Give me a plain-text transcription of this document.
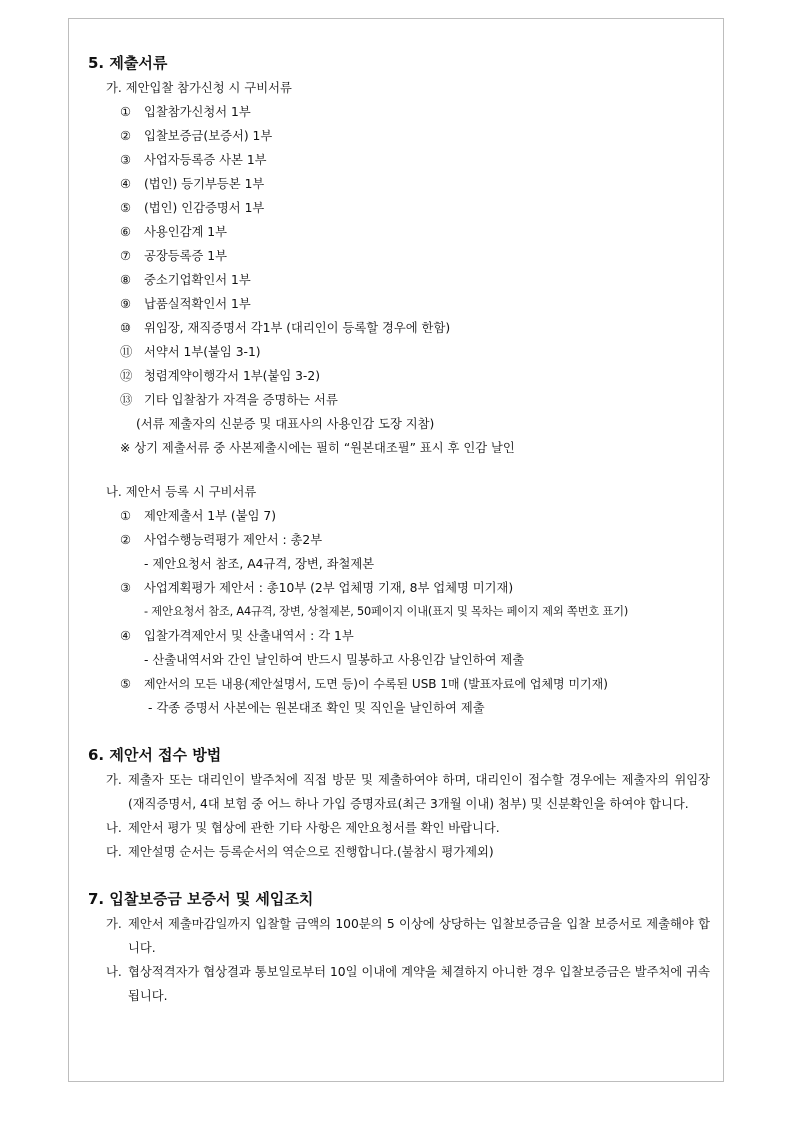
5. 제출서류
가. 제안입찰 참가신청 시 구비서류
① 입찰참가신청서 1부
② 입찰보증금(보증서) 1부
③ 사업자등록증 사본 1부
④ (법인) 등기부등본 1부
⑤ (법인) 인감증명서 1부
⑥ 사용인감계 1부
⑦ 공장등록증 1부
⑧ 중소기업확인서 1부
⑨ 납품실적확인서 1부
⑩ 위임장, 재직증명서 각1부 (대리인이 등록할 경우에 한함)
⑪ 서약서 1부(붙임 3-1)
⑫ 청렴계약이행각서 1부(붙임 3-2)
⑬ 기타 입찰참가 자격을 증명하는 서류
(서류 제출자의 신분증 및 대표사의 사용인감 도장 지참)
※ 상기 제출서류 중 사본제출시에는 필히 “원본대조필” 표시 후 인감 날인
나. 제안서 등록 시 구비서류
① 제안제출서 1부 (붙임 7)
② 사업수행능력평가 제안서 : 총2부
- 제안요청서 참조, A4규격, 장변, 좌철제본
③ 사업계획평가 제안서 : 총10부 (2부 업체명 기재, 8부 업체명 미기재)
- 제안요청서 참조, A4규격, 장변, 상철제본, 50페이지 이내(표지 및 목차는 페이지 제외 쪽번호 표기)
④ 입찰가격제안서 및 산출내역서 : 각 1부
- 산출내역서와 간인 날인하여 반드시 밀봉하고 사용인감 날인하여 제출
⑤ 제안서의 모든 내용(제안설명서, 도면 등)이 수록된 USB 1매 (발표자료에 업체명 미기재)
- 각종 증명서 사본에는 원본대조 확인 및 직인을 날인하여 제출
6. 제안서 접수 방법
가. 제출자 또는 대리인이 발주처에 직접 방문 및 제출하여야 하며, 대리인이 접수할 경우에는 제출자의 위임장(재직증명서, 4대 보험 중 어느 하나 가입 증명자료(최근 3개월 이내) 첨부) 및 신분확인을 하여야 합니다.
나. 제안서 평가 및 협상에 관한 기타 사항은 제안요청서를 확인 바랍니다.
다. 제안설명 순서는 등록순서의 역순으로 진행합니다.(불참시 평가제외)
7. 입찰보증금 보증서 및 세입조치
가. 제안서 제출마감일까지 입찰할 금액의 100분의 5 이상에 상당하는 입찰보증금을 입찰 보증서로 제출해야 합니다.
나. 협상적격자가 협상결과 통보일로부터 10일 이내에 계약을 체결하지 아니한 경우 입찰보증금은 발주처에 귀속됩니다.
